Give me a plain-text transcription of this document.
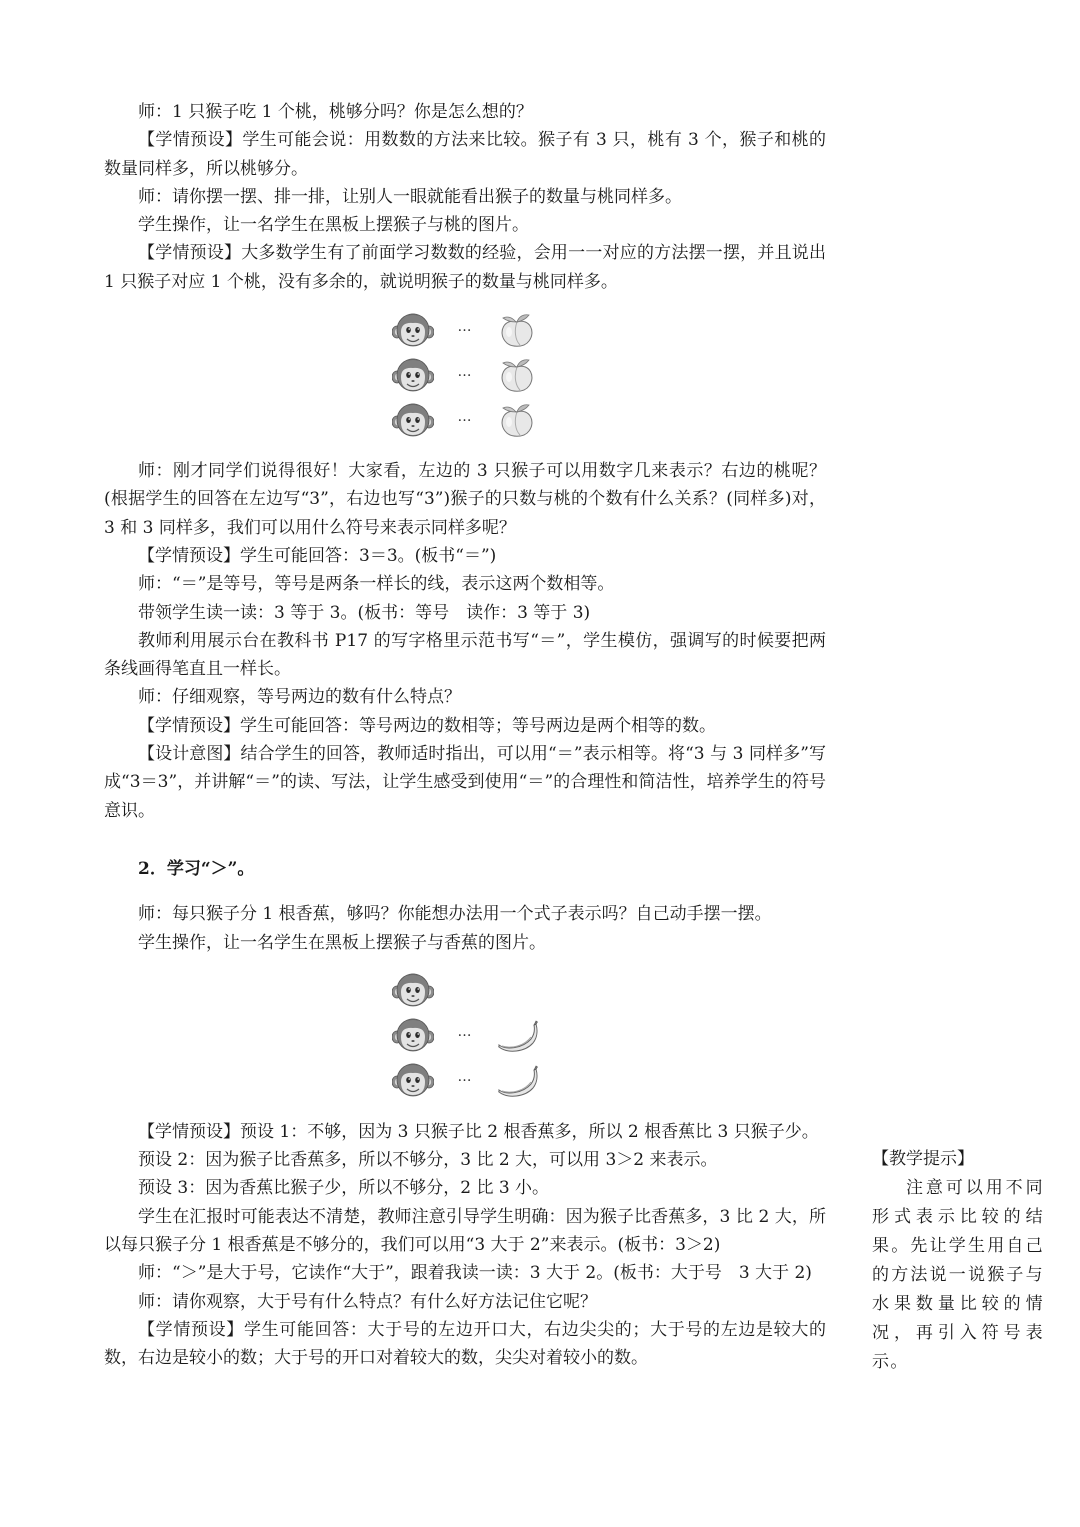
师：1 只猴子吃 1 个桃，桃够分吗？你是怎么想的？

【学情预设】学生可能会说：用数数的方法来比较。猴子有 3 只，桃有 3 个，猴子和桃的数量同样多，所以桃够分。

师：请你摆一摆、排一排，让别人一眼就能看出猴子的数量与桃同样多。

学生操作，让一名学生在黑板上摆猴子与桃的图片。

【学情预设】大多数学生有了前面学习数数的经验，会用一一对应的方法摆一摆，并且说出 1 只猴子对应 1 个桃，没有多余的，就说明猴子的数量与桃同样多。

…
…
…

师：刚才同学们说得很好！大家看，左边的 3 只猴子可以用数字几来表示？右边的桃呢？(根据学生的回答在左边写“3”，右边也写“3”)猴子的只数与桃的个数有什么关系？(同样多)对，3 和 3 同样多，我们可以用什么符号来表示同样多呢？

【学情预设】学生可能回答：3＝3。(板书“＝”)

师：“＝”是等号，等号是两条一样长的线，表示这两个数相等。

带领学生读一读：3 等于 3。(板书：等号　读作：3 等于 3)

教师利用展示台在教科书 P17 的写字格里示范书写“＝”，学生模仿，强调写的时候要把两条线画得笔直且一样长。

师：仔细观察，等号两边的数有什么特点？

【学情预设】学生可能回答：等号两边的数相等；等号两边是两个相等的数。

【设计意图】结合学生的回答，教师适时指出，可以用“＝”表示相等。将“3 与 3 同样多”写成“3＝3”，并讲解“＝”的读、写法，让学生感受到使用“＝”的合理性和简洁性，培养学生的符号意识。

2．学习“＞”。

师：每只猴子分 1 根香蕉，够吗？你能想办法用一个式子表示吗？自己动手摆一摆。

学生操作，让一名学生在黑板上摆猴子与香蕉的图片。

…
…

【学情预设】预设 1：不够，因为 3 只猴子比 2 根香蕉多，所以 2 根香蕉比 3 只猴子少。

预设 2：因为猴子比香蕉多，所以不够分，3 比 2 大，可以用 3＞2 来表示。

预设 3：因为香蕉比猴子少，所以不够分，2 比 3 小。

学生在汇报时可能表达不清楚，教师注意引导学生明确：因为猴子比香蕉多，3 比 2 大，所以每只猴子分 1 根香蕉是不够分的，我们可以用“3 大于 2”来表示。(板书：3＞2)

师：“＞”是大于号，它读作“大于”，跟着我读一读：3 大于 2。(板书：大于号　3 大于 2)

师：请你观察，大于号有什么特点？有什么好方法记住它呢？

【学情预设】学生可能回答：大于号的左边开口大，右边尖尖的；大于号的左边是较大的数，右边是较小的数；大于号的开口对着较大的数，尖尖对着较小的数。

【教学提示】

注意可以用不同形式表示比较的结果。先让学生用自己的方法说一说猴子与水果数量比较的情况，再引入符号表示。
